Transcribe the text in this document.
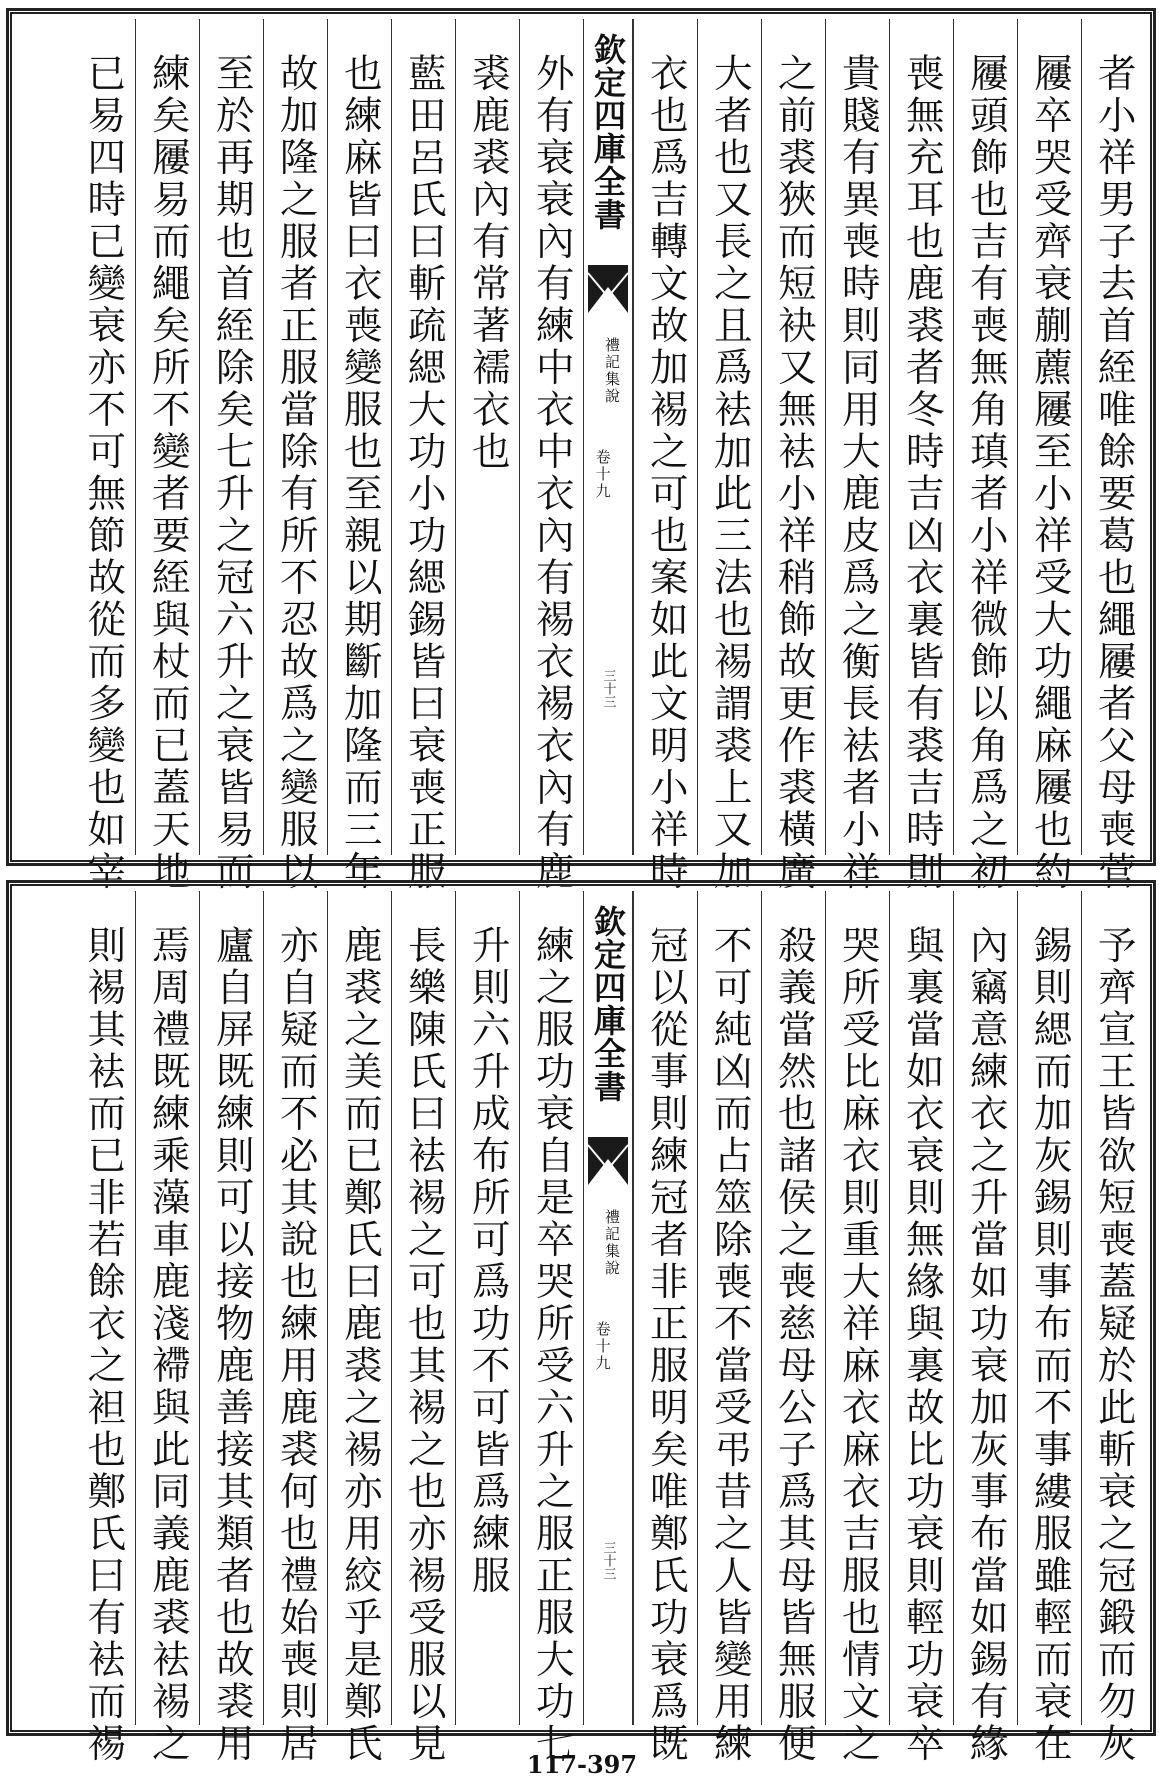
者小祥男子去首絰唯餘要葛也繩屨者父母喪菅
屨卒哭受齊衰蒯藨屨至小祥受大功繩麻屨也約
屨頭飾也吉有喪無角瑱者小祥微飾以角爲之初
喪無充耳也鹿裘者冬時吉凶衣裏皆有裘吉時則
貴賤有異喪時則同用大鹿皮爲之衡長袪者小祥
之前裘狹而短袂又無袪小祥稍飾故更作裘橫廣
大者也又長之且爲袪加此三法也裼謂裘上又加
衣也爲吉轉文故加裼之可也案如此文明小祥時
欽定四庫全書
禮記集說
卷十九
三十三
外有衰衰內有練中衣中衣內有裼衣裼衣內有鹿
裘鹿裘內有常著襦衣也
藍田呂氏曰斬疏緦大功小功緦錫皆曰衰喪正服
也練麻皆曰衣喪變服也至親以期斷加隆而三年
故加隆之服者正服當除有所不忍故爲之變服以
至於再期也首絰除矣七升之冠六升之衰皆易而
練矣屨易而繩矣所不變者要絰與杖而已蓋天地
已易四時已變衰亦不可無節故從而多變也如宰
予齊宣王皆欲短喪蓋疑於此斬衰之冠鍛而勿灰
錫則緦而加灰錫則事布而不事縷服雖輕而衰在
內竊意練衣之升當如功衰加灰事布當如錫有緣
與裏當如衣衰則無緣與裏故比功衰則輕功衰卒
哭所受比麻衣則重大祥麻衣麻衣吉服也情文之
殺義當然也諸侯之喪慈母公子爲其母皆無服便
不可純凶而占筮除喪不當受弔昔之人皆變用練
冠以從事則練冠者非正服明矣唯鄭氏功衰爲既
欽定四庫全書
禮記集說
卷十九
三十三
練之服功衰自是卒哭所受六升之服正服大功七
升則六升成布所可爲功不可皆爲練服
長樂陳氏曰袪裼之可也其裼之也亦裼受服以見
鹿裘之美而已鄭氏曰鹿裘之裼亦用絞乎是鄭氏
亦自疑而不必其說也練用鹿裘何也禮始喪則居
廬自屏既練則可以接物鹿善接其類者也故裘用
焉周禮既練乘藻車鹿淺𧜵與此同義鹿裘袪裼之
則裼其袪而已非若餘衣之袒也鄭氏曰有袪而裼	117-397
